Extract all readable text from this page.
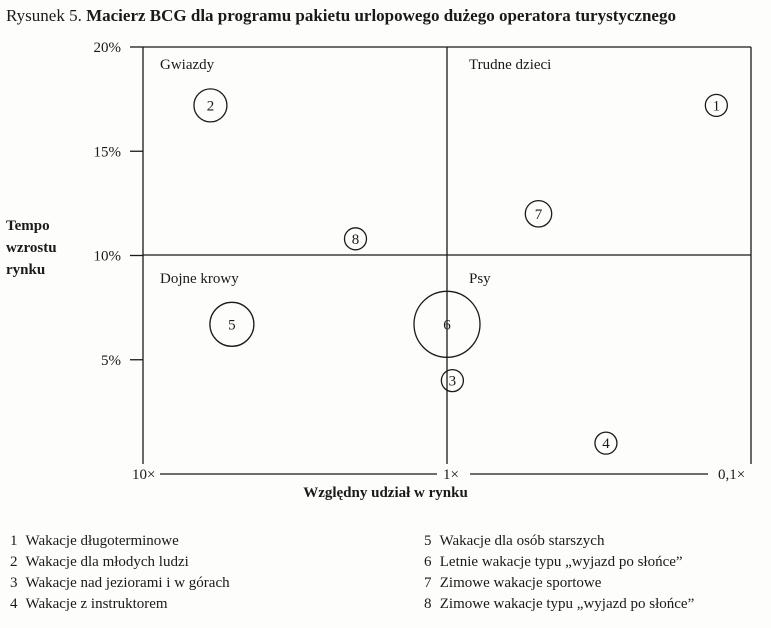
Rysunek 5. Macierz BCG dla programu pakietu urlopowego dużego operatora turystycznego
20%
15%
10%
5%
10×	1×	0,1×
Gwiazdy	Trudne dzieci
Dojne krowy	Psy
1
2
3
4
5	6
7
8
Tempo
wzrostu
rynku
Względny udział w rynku
1 Wakacje długoterminowe
2 Wakacje dla młodych ludzi
3 Wakacje nad jeziorami i w górach
4 Wakacje z instruktorem
5 Wakacje dla osób starszych
6 Letnie wakacje typu „wyjazd po słońce”
7 Zimowe wakacje sportowe
8 Zimowe wakacje typu „wyjazd po słońce”
